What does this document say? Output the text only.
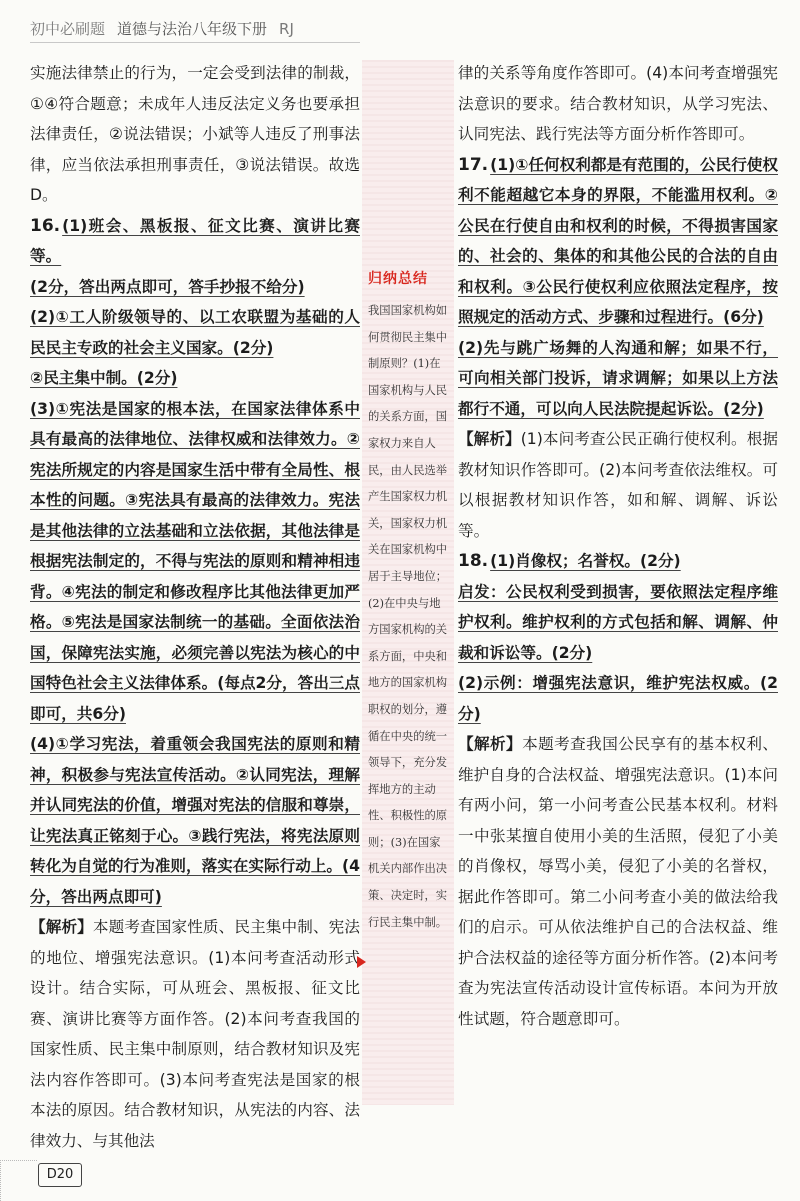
初中必刷题 道德与法治八年级下册 RJ

实施法律禁止的行为，一定会受到法律的制裁，①④符合题意；未成年人违反法定义务也要承担法律责任，②说法错误；小斌等人违反了刑事法律，应当依法承担刑事责任，③说法错误。故选 D。

16. (1)班会、黑板报、征文比赛、演讲比赛等。

(2分，答出两点即可，答手抄报不给分)

(2)①工人阶级领导的、以工农联盟为基础的人民民主专政的社会主义国家。(2分)

②民主集中制。(2分)

(3)①宪法是国家的根本法，在国家法律体系中具有最高的法律地位、法律权威和法律效力。②宪法所规定的内容是国家生活中带有全局性、根本性的问题。③宪法具有最高的法律效力。宪法是其他法律的立法基础和立法依据，其他法律是根据宪法制定的，不得与宪法的原则和精神相违背。④宪法的制定和修改程序比其他法律更加严格。⑤宪法是国家法制统一的基础。全面依法治国，保障宪法实施，必须完善以宪法为核心的中国特色社会主义法律体系。(每点2分，答出三点即可，共6分)

(4)①学习宪法，着重领会我国宪法的原则和精神，积极参与宪法宣传活动。②认同宪法，理解并认同宪法的价值，增强对宪法的信服和尊崇，让宪法真正铭刻于心。③践行宪法，将宪法原则转化为自觉的行为准则，落实在实际行动上。(4分，答出两点即可)

【解析】本题考查国家性质、民主集中制、宪法的地位、增强宪法意识。(1)本问考查活动形式设计。结合实际，可从班会、黑板报、征文比赛、演讲比赛等方面作答。(2)本问考查我国的国家性质、民主集中制原则，结合教材知识及宪法内容作答即可。(3)本问考查宪法是国家的根本法的原因。结合教材知识，从宪法的内容、法律效力、与其他法

归纳总结
我国国家机构如何贯彻民主集中制原则？(1)在国家机构与人民的关系方面，国家权力来自人民，由人民选举产生国家权力机关，国家权力机关在国家机构中居于主导地位；(2)在中央与地方国家机构的关系方面，中央和地方的国家机构职权的划分，遵循在中央的统一领导下，充分发挥地方的主动性、积极性的原则；(3)在国家机关内部作出决策、决定时，实行民主集中制。

律的关系等角度作答即可。(4)本问考查增强宪法意识的要求。结合教材知识，从学习宪法、认同宪法、践行宪法等方面分析作答即可。

17. (1)①任何权利都是有范围的，公民行使权利不能超越它本身的界限，不能滥用权利。②公民在行使自由和权利的时候，不得损害国家的、社会的、集体的和其他公民的合法的自由和权利。③公民行使权利应依照法定程序，按照规定的活动方式、步骤和过程进行。(6分)

(2)先与跳广场舞的人沟通和解；如果不行，可向相关部门投诉，请求调解；如果以上方法都行不通，可以向人民法院提起诉讼。(2分)

【解析】(1)本问考查公民正确行使权利。根据教材知识作答即可。(2)本问考查依法维权。可以根据教材知识作答，如和解、调解、诉讼等。

18. (1)肖像权；名誉权。(2分)

启发：公民权利受到损害，要依照法定程序维护权利。维护权利的方式包括和解、调解、仲裁和诉讼等。(2分)

(2)示例：增强宪法意识，维护宪法权威。(2分)

【解析】本题考查我国公民享有的基本权利、维护自身的合法权益、增强宪法意识。(1)本问有两小问，第一小问考查公民基本权利。材料一中张某擅自使用小美的生活照，侵犯了小美的肖像权，辱骂小美，侵犯了小美的名誉权，据此作答即可。第二小问考查小美的做法给我们的启示。可从依法维护自己的合法权益、维护合法权益的途径等方面分析作答。(2)本问考查为宪法宣传活动设计宣传标语。本问为开放性试题，符合题意即可。

D20
